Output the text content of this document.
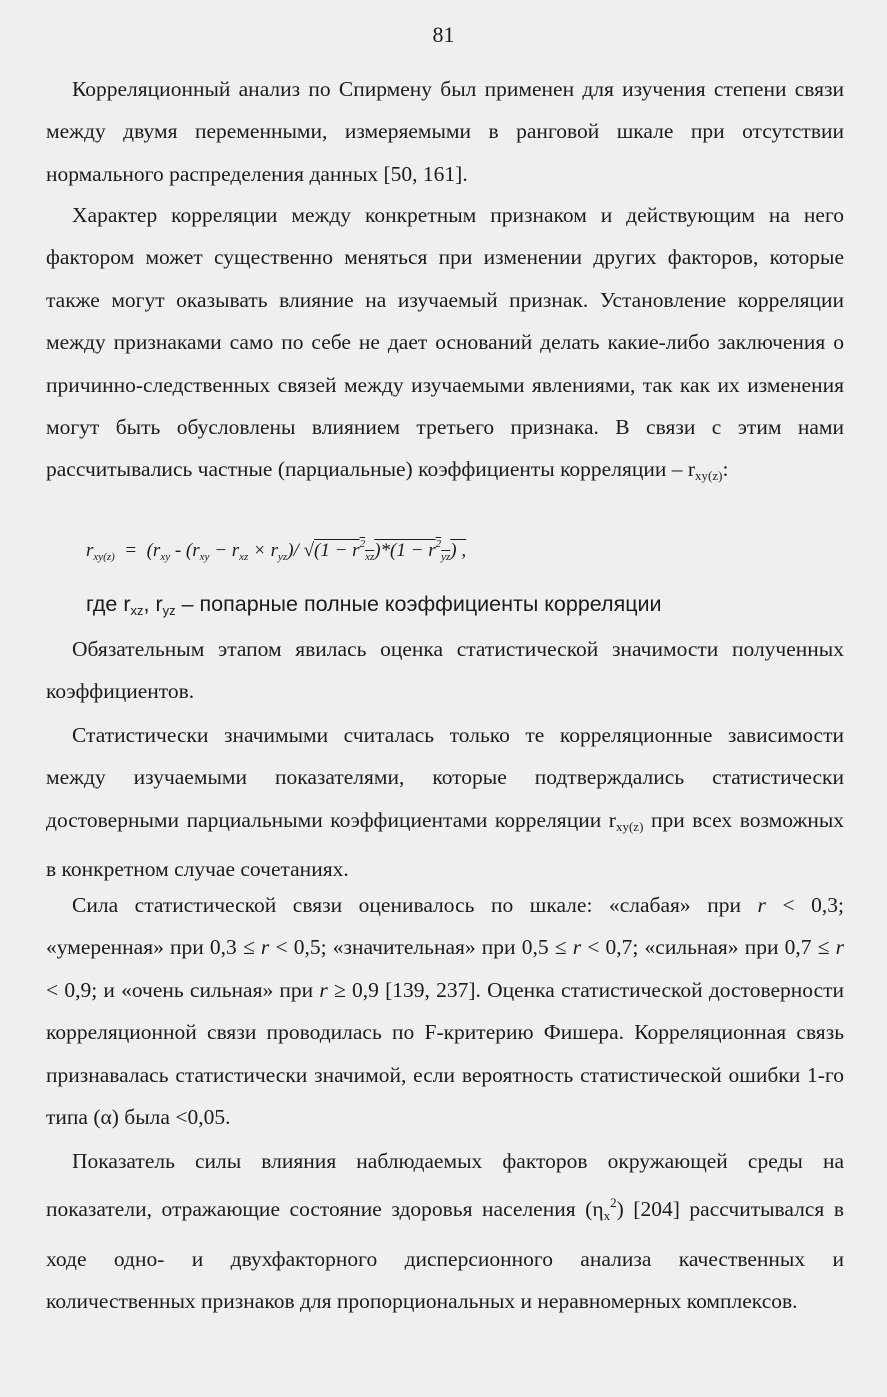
81
Корреляционный анализ по Спирмену был применен для изучения степени связи между двумя переменными, измеряемыми в ранговой шкале при отсутствии нормального распределения данных [50, 161].
Характер корреляции между конкретным признаком и действующим на него фактором может существенно меняться при изменении других факторов, которые также могут оказывать влияние на изучаемый признак. Установление корреляции между признаками само по себе не дает оснований делать какие-либо заключения о причинно-следственных связей между изучаемыми явлениями, так как их изменения могут быть обусловлены влиянием третьего признака. В связи с этим нами рассчитывались частные (парциальные) коэффициенты корреляции – $r_{xy(z)}$:
$r_{xy(z)} = (r_{xy} - (r_{xy} - r_{xz} \times r_{yz})/$ $√(1 - r^2_{xz})*(1 - r^2_{yz})$ ,
где $r_{xz}$, $r_{yz}$ – попарные полные коэффициенты корреляции
Обязательным этапом явилась оценка статистической значимости полученных коэффициентов.
Статистически значимыми считалась только те корреляционные зависимости между изучаемыми показателями, которые подтверждались статистически достоверными парциальными коэффициентами корреляции $r_{xy(z)}$ при всех возможных в конкретном случае сочетаниях.
Сила статистической связи оценивалось по шкале: «слабая» при r < 0,3; «умеренная» при 0,3 ≤ r < 0,5; «значительная» при 0,5 ≤ r < 0,7; «сильная» при 0,7 ≤ r < 0,9; и «очень сильная» при r ≥ 0,9 [139, 237]. Оценка статистической достоверности корреляционной связи проводилась по F-критерию Фишера. Корреляционная связь признавалась статистически значимой, если вероятность статистической ошибки 1-го типа (α) была <0,05.
Показатель силы влияния наблюдаемых факторов окружающей среды на показатели, отражающие состояние здоровья населения $(\eta_x^2)$ [204] рассчитывался в ходе одно- и двухфакторного дисперсионного анализа качественных и количественных признаков для пропорциональных и неравномерных комплексов.
